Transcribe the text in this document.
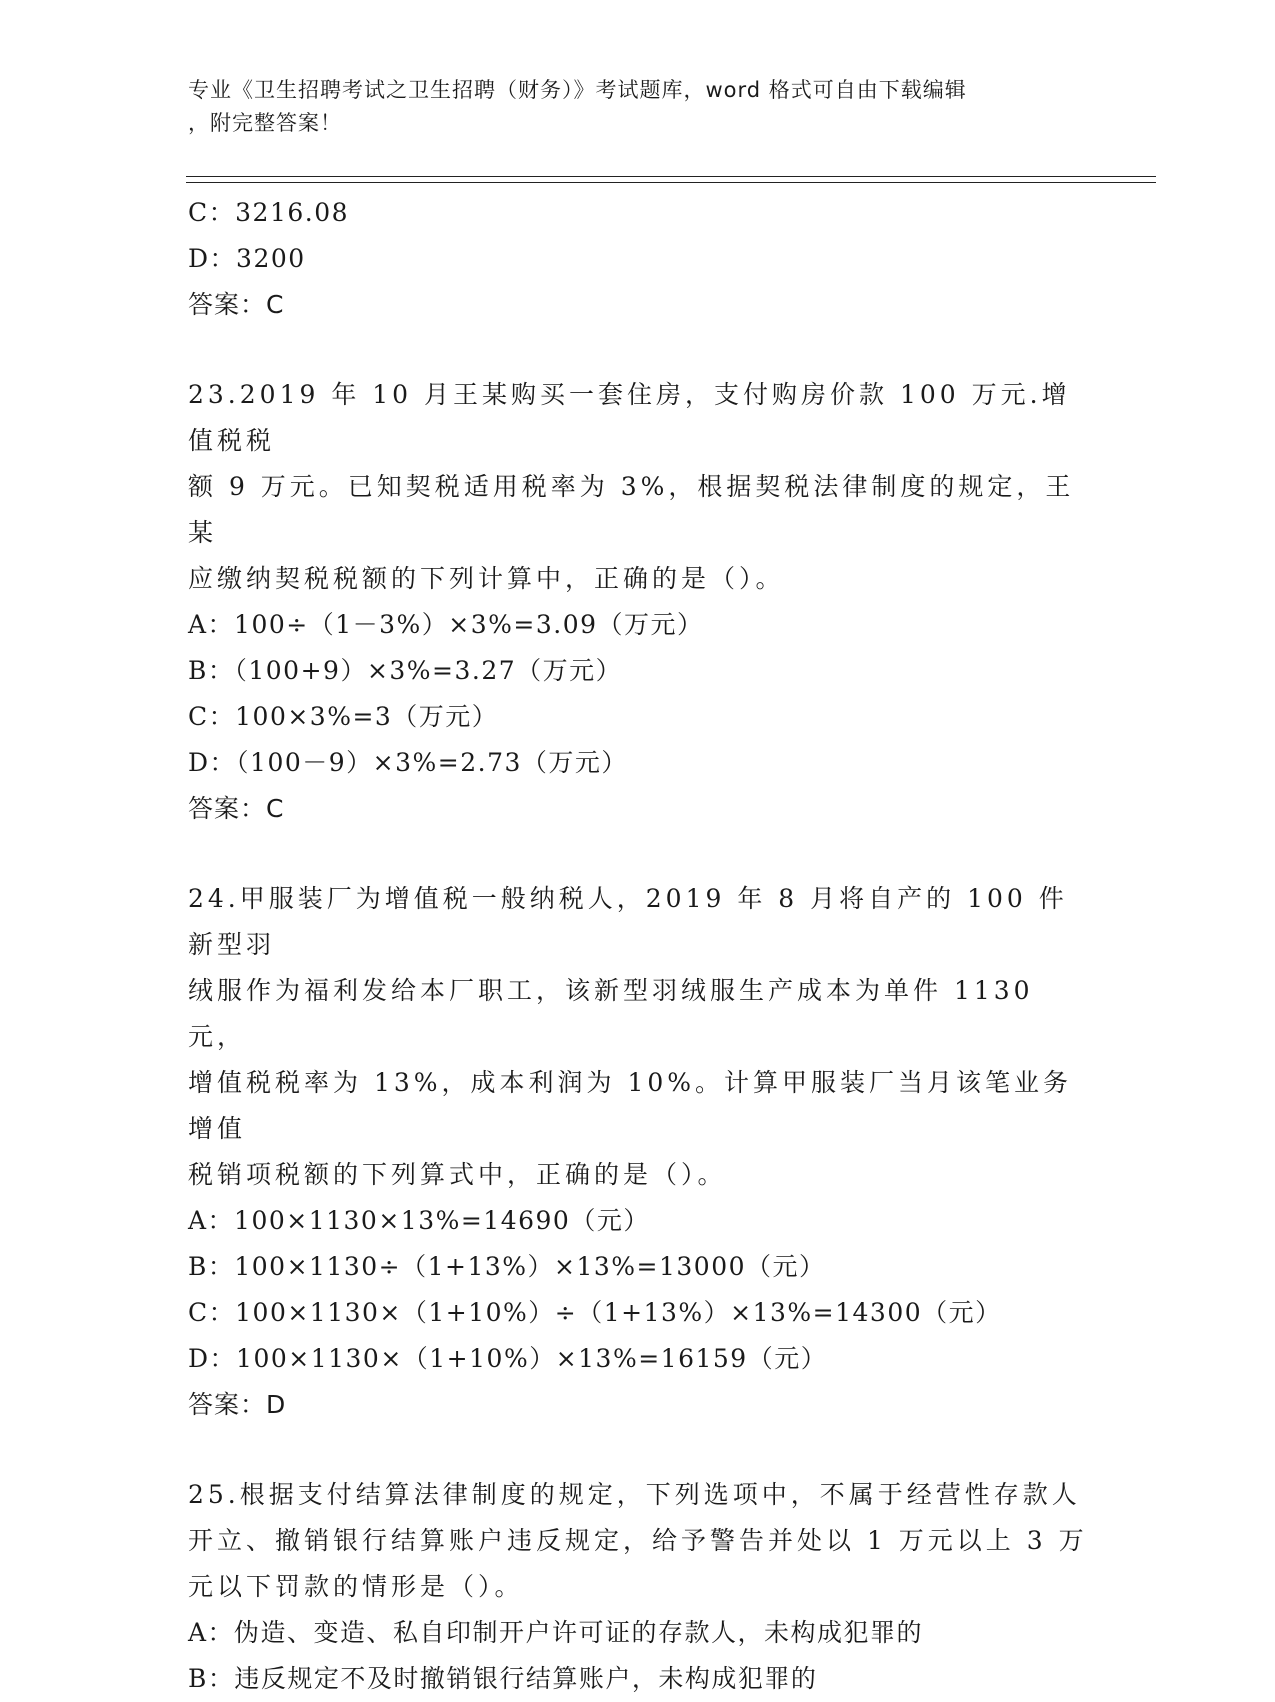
专业《卫生招聘考试之卫生招聘（财务）》考试题库，word 格式可自由下载编辑
，附完整答案！
C：3216.08
D：3200
答案：C
23.2019 年 10 月王某购买一套住房，支付购房价款 100 万元.增值税税
额 9 万元。已知契税适用税率为 3%，根据契税法律制度的规定，王某
应缴纳契税税额的下列计算中，正确的是（）。
A：100÷（1－3%）×3%=3.09（万元）
B：（100+9）×3%=3.27（万元）
C：100×3%=3（万元）
D：（100－9）×3%=2.73（万元）
答案：C
24.甲服装厂为增值税一般纳税人，2019 年 8 月将自产的 100 件新型羽
绒服作为福利发给本厂职工，该新型羽绒服生产成本为单件 1130 元，
增值税税率为 13%，成本利润为 10%。计算甲服装厂当月该笔业务增值
税销项税额的下列算式中，正确的是（）。
A：100×1130×13%=14690（元）
B：100×1130÷（1+13%）×13%=13000（元）
C：100×1130×（1+10%）÷（1+13%）×13%=14300（元）
D：100×1130×（1+10%）×13%=16159（元）
答案：D
25.根据支付结算法律制度的规定，下列选项中，不属于经营性存款人
开立、撤销银行结算账户违反规定，给予警告并处以 1 万元以上 3 万
元以下罚款的情形是（）。
A：伪造、变造、私自印制开户许可证的存款人，未构成犯罪的
B：违反规定不及时撤销银行结算账户，未构成犯罪的
